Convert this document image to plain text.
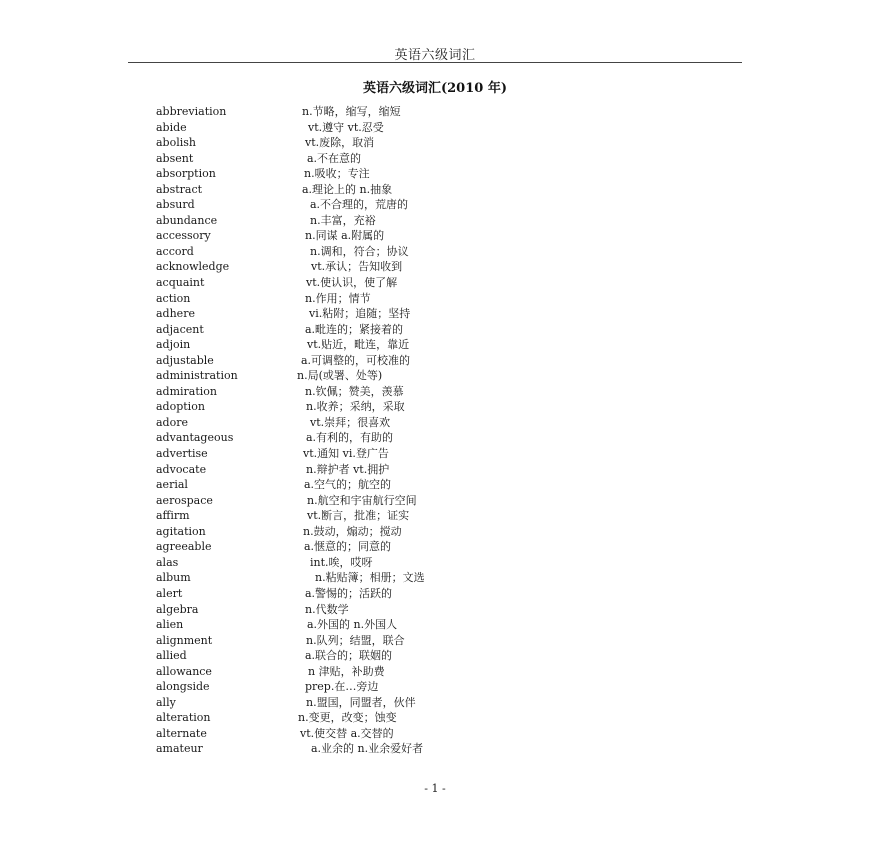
英语六级词汇
英语六级词汇(2010 年)
abbreviation	n.节略，缩写，缩短
abide	vt.遵守 vt.忍受
abolish	vt.废除，取消
absent	a.不在意的
absorption	n.吸收；专注
abstract	a.理论上的 n.抽象
absurd	a.不合理的，荒唐的
abundance	n.丰富，充裕
accessory	n.同谋 a.附属的
accord	n.调和，符合；协议
acknowledge	vt.承认；告知收到
acquaint	vt.使认识，使了解
action	n.作用；情节
adhere	vi.粘附；追随；坚持
adjacent	a.毗连的；紧接着的
adjoin	vt.贴近，毗连，靠近
adjustable	a.可调整的，可校准的
administration	n.局(或署、处等)
admiration	n.钦佩；赞美，羡慕
adoption	n.收养；采纳，采取
adore	vt.崇拜；很喜欢
advantageous	a.有利的，有助的
advertise	vt.通知 vi.登广告
advocate	n.辩护者 vt.拥护
aerial	a.空气的；航空的
aerospace	n.航空和宇宙航行空间
affirm	vt.断言，批准；证实
agitation	n.鼓动，煽动；搅动
agreeable	a.惬意的；同意的
alas	int.唉，哎呀
album	n.粘贴簿；相册；文选
alert	a.警惕的；活跃的
algebra	n.代数学
alien	a.外国的 n.外国人
alignment	n.队列；结盟，联合
allied	a.联合的；联姻的
allowance	n 津贴，补助费
alongside	prep.在…旁边
ally	n.盟国，同盟者，伙伴
alteration	n.变更，改变；蚀变
alternate	vt.使交替 a.交替的
amateur	a.业余的 n.业余爱好者
- 1 -
